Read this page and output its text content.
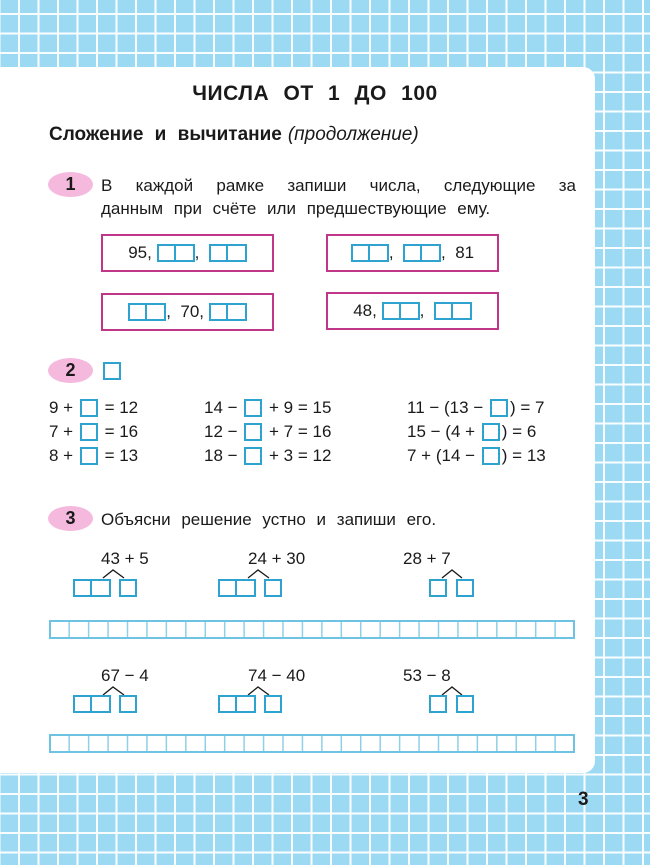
ЧИСЛА ОТ 1 ДО 100
Сложение и вычитание (продолжение)
1	В каждой рамке запиши числа, следующие за
данным при счёте или предшествующие ему.
95,
	,	, , 81
, 70,
	48,
	,
2
9 + = 12
7 + = 16
8 + = 13
14 − + 9 = 15
12 − + 7 = 16
18 − + 3 = 12
11 − (13 − ) = 7
15 − (4 + ) = 6
7 + (14 − ) = 13
3	Объясни решение устно и запиши его.
43 + 5	24 + 30	28 + 7
67 − 4	74 − 40	53 − 8
3
